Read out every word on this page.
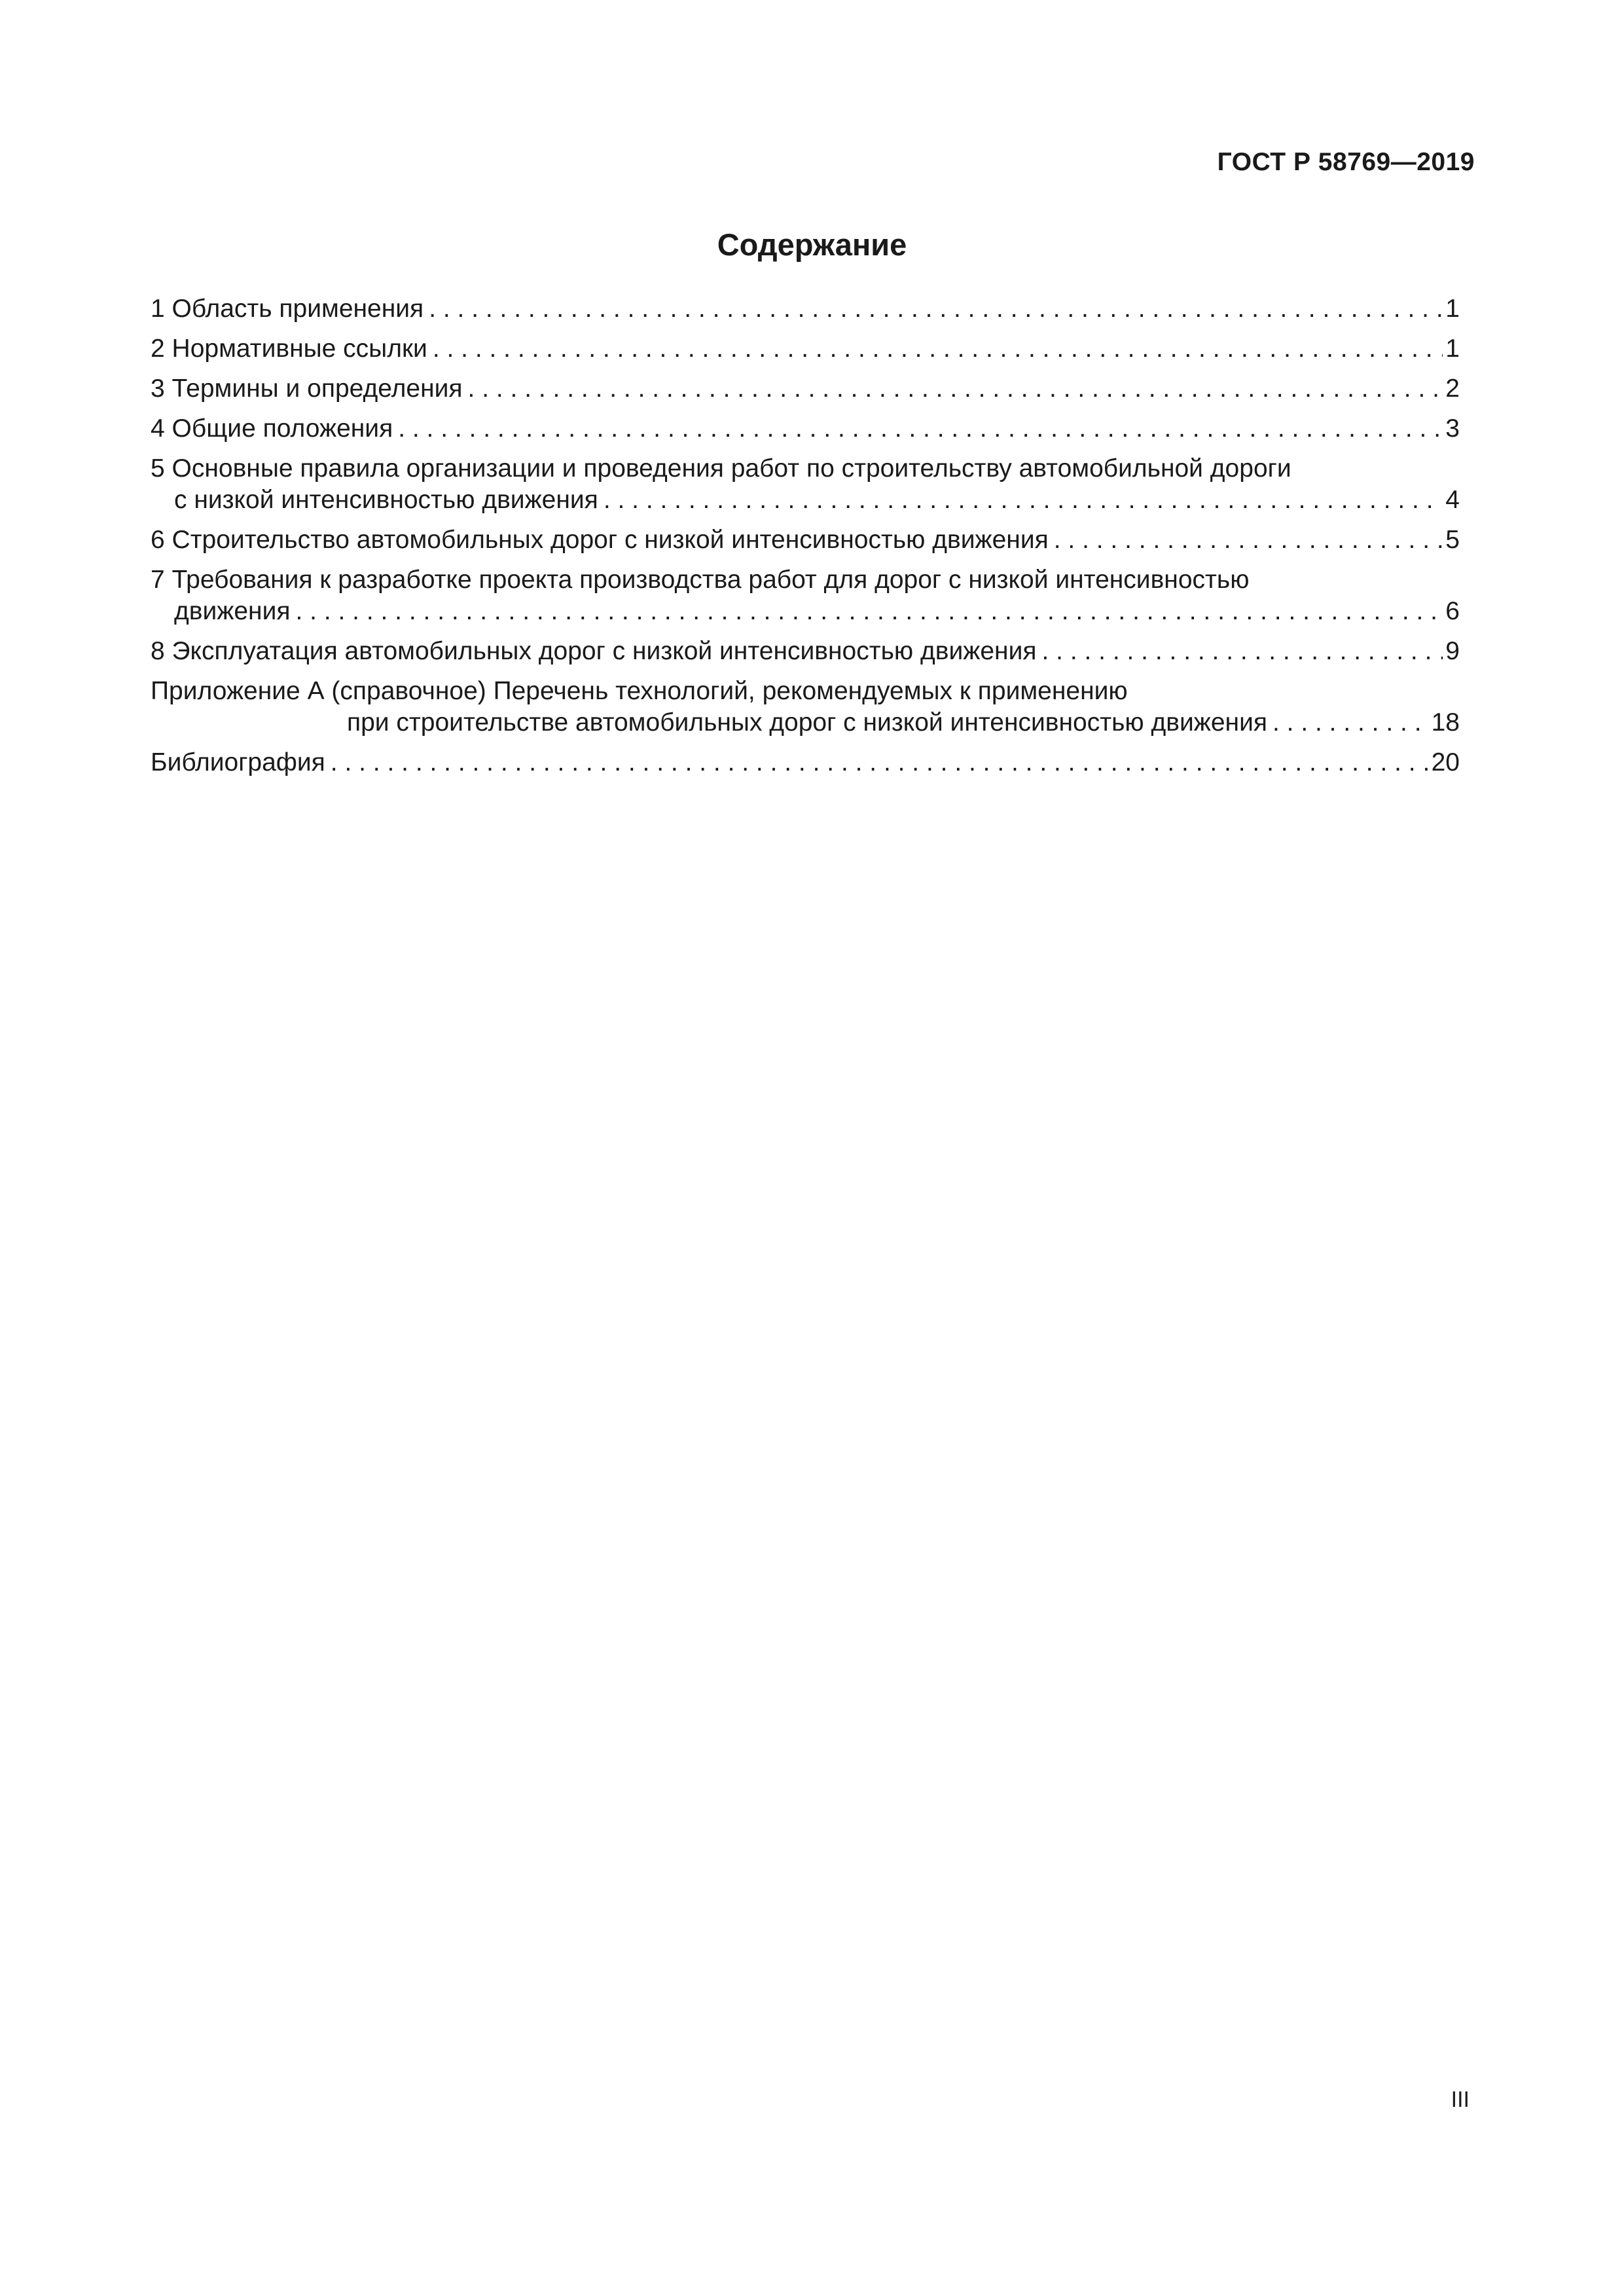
ГОСТ Р 58769—2019
Содержание
1 Область применения . . .	1
2 Нормативные ссылки . . .	1
3 Термины и определения . . .	2
4 Общие положения . . .	3
5 Основные правила организации и проведения работ по строительству автомобильной дороги
с низкой интенсивностью движения . . .	4
6 Строительство автомобильных дорог с низкой интенсивностью движения . . .	5
7 Требования к разработке проекта производства работ для дорог с низкой интенсивностью
движения . . .	6
8 Эксплуатация автомобильных дорог с низкой интенсивностью движения . . .	9
Приложение А (справочное) Перечень технологий, рекомендуемых к применению
при строительстве автомобильных дорог с низкой интенсивностью движения . . .	18
Библиография . . .	20
III
